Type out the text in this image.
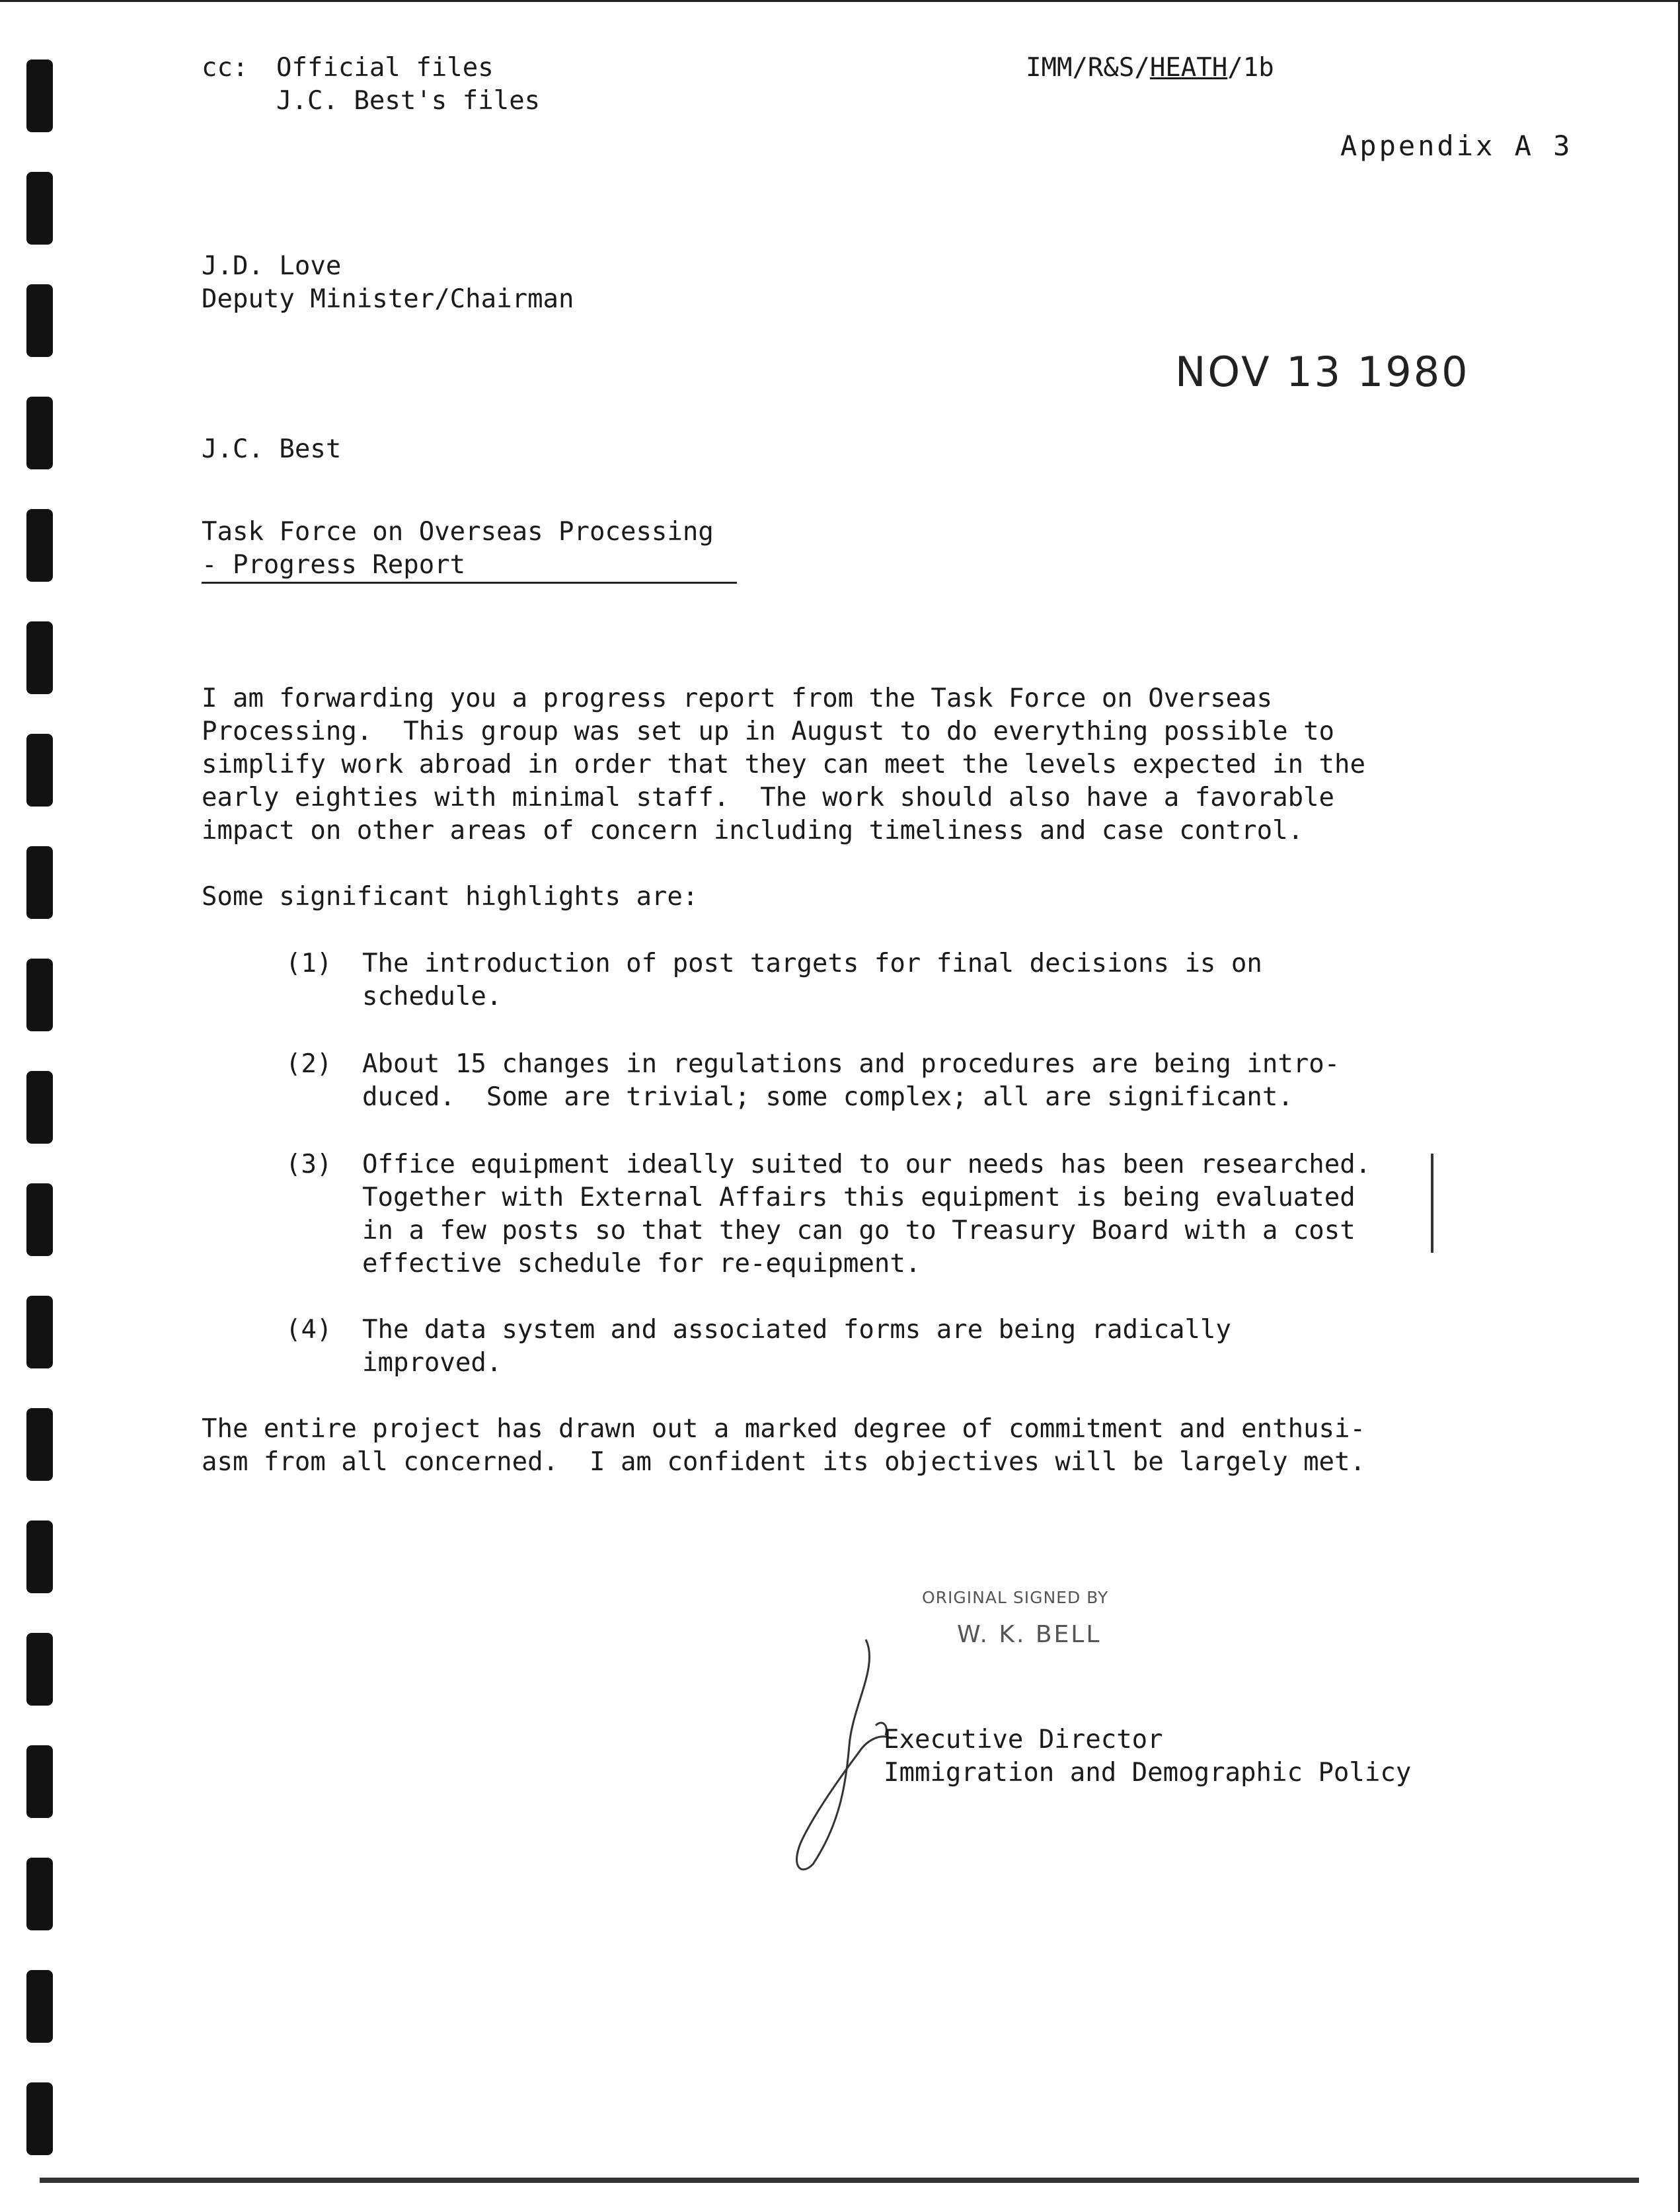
cc: Official files
J.C. Best's files
IMM/R&S/HEATH/1b
Appendix A 3
J.D. Love
Deputy Minister/Chairman
NOV 13 1980
J.C. Best
Task Force on Overseas Processing
- Progress Report
I am forwarding you a progress report from the Task Force on Overseas
Processing.  This group was set up in August to do everything possible to
simplify work abroad in order that they can meet the levels expected in the
early eighties with minimal staff.  The work should also have a favorable
impact on other areas of concern including timeliness and case control.
Some significant highlights are:
(1) The introduction of post targets for final decisions is on
schedule.
(2) About 15 changes in regulations and procedures are being intro-
duced.  Some are trivial; some complex; all are significant.
(3) Office equipment ideally suited to our needs has been researched.
Together with External Affairs this equipment is being evaluated
in a few posts so that they can go to Treasury Board with a cost
effective schedule for re-equipment.
(4) The data system and associated forms are being radically
improved.
The entire project has drawn out a marked degree of commitment and enthusi-
asm from all concerned.  I am confident its objectives will be largely met.
ORIGINAL SIGNED BY
W. K. BELL
Executive Director
Immigration and Demographic Policy
